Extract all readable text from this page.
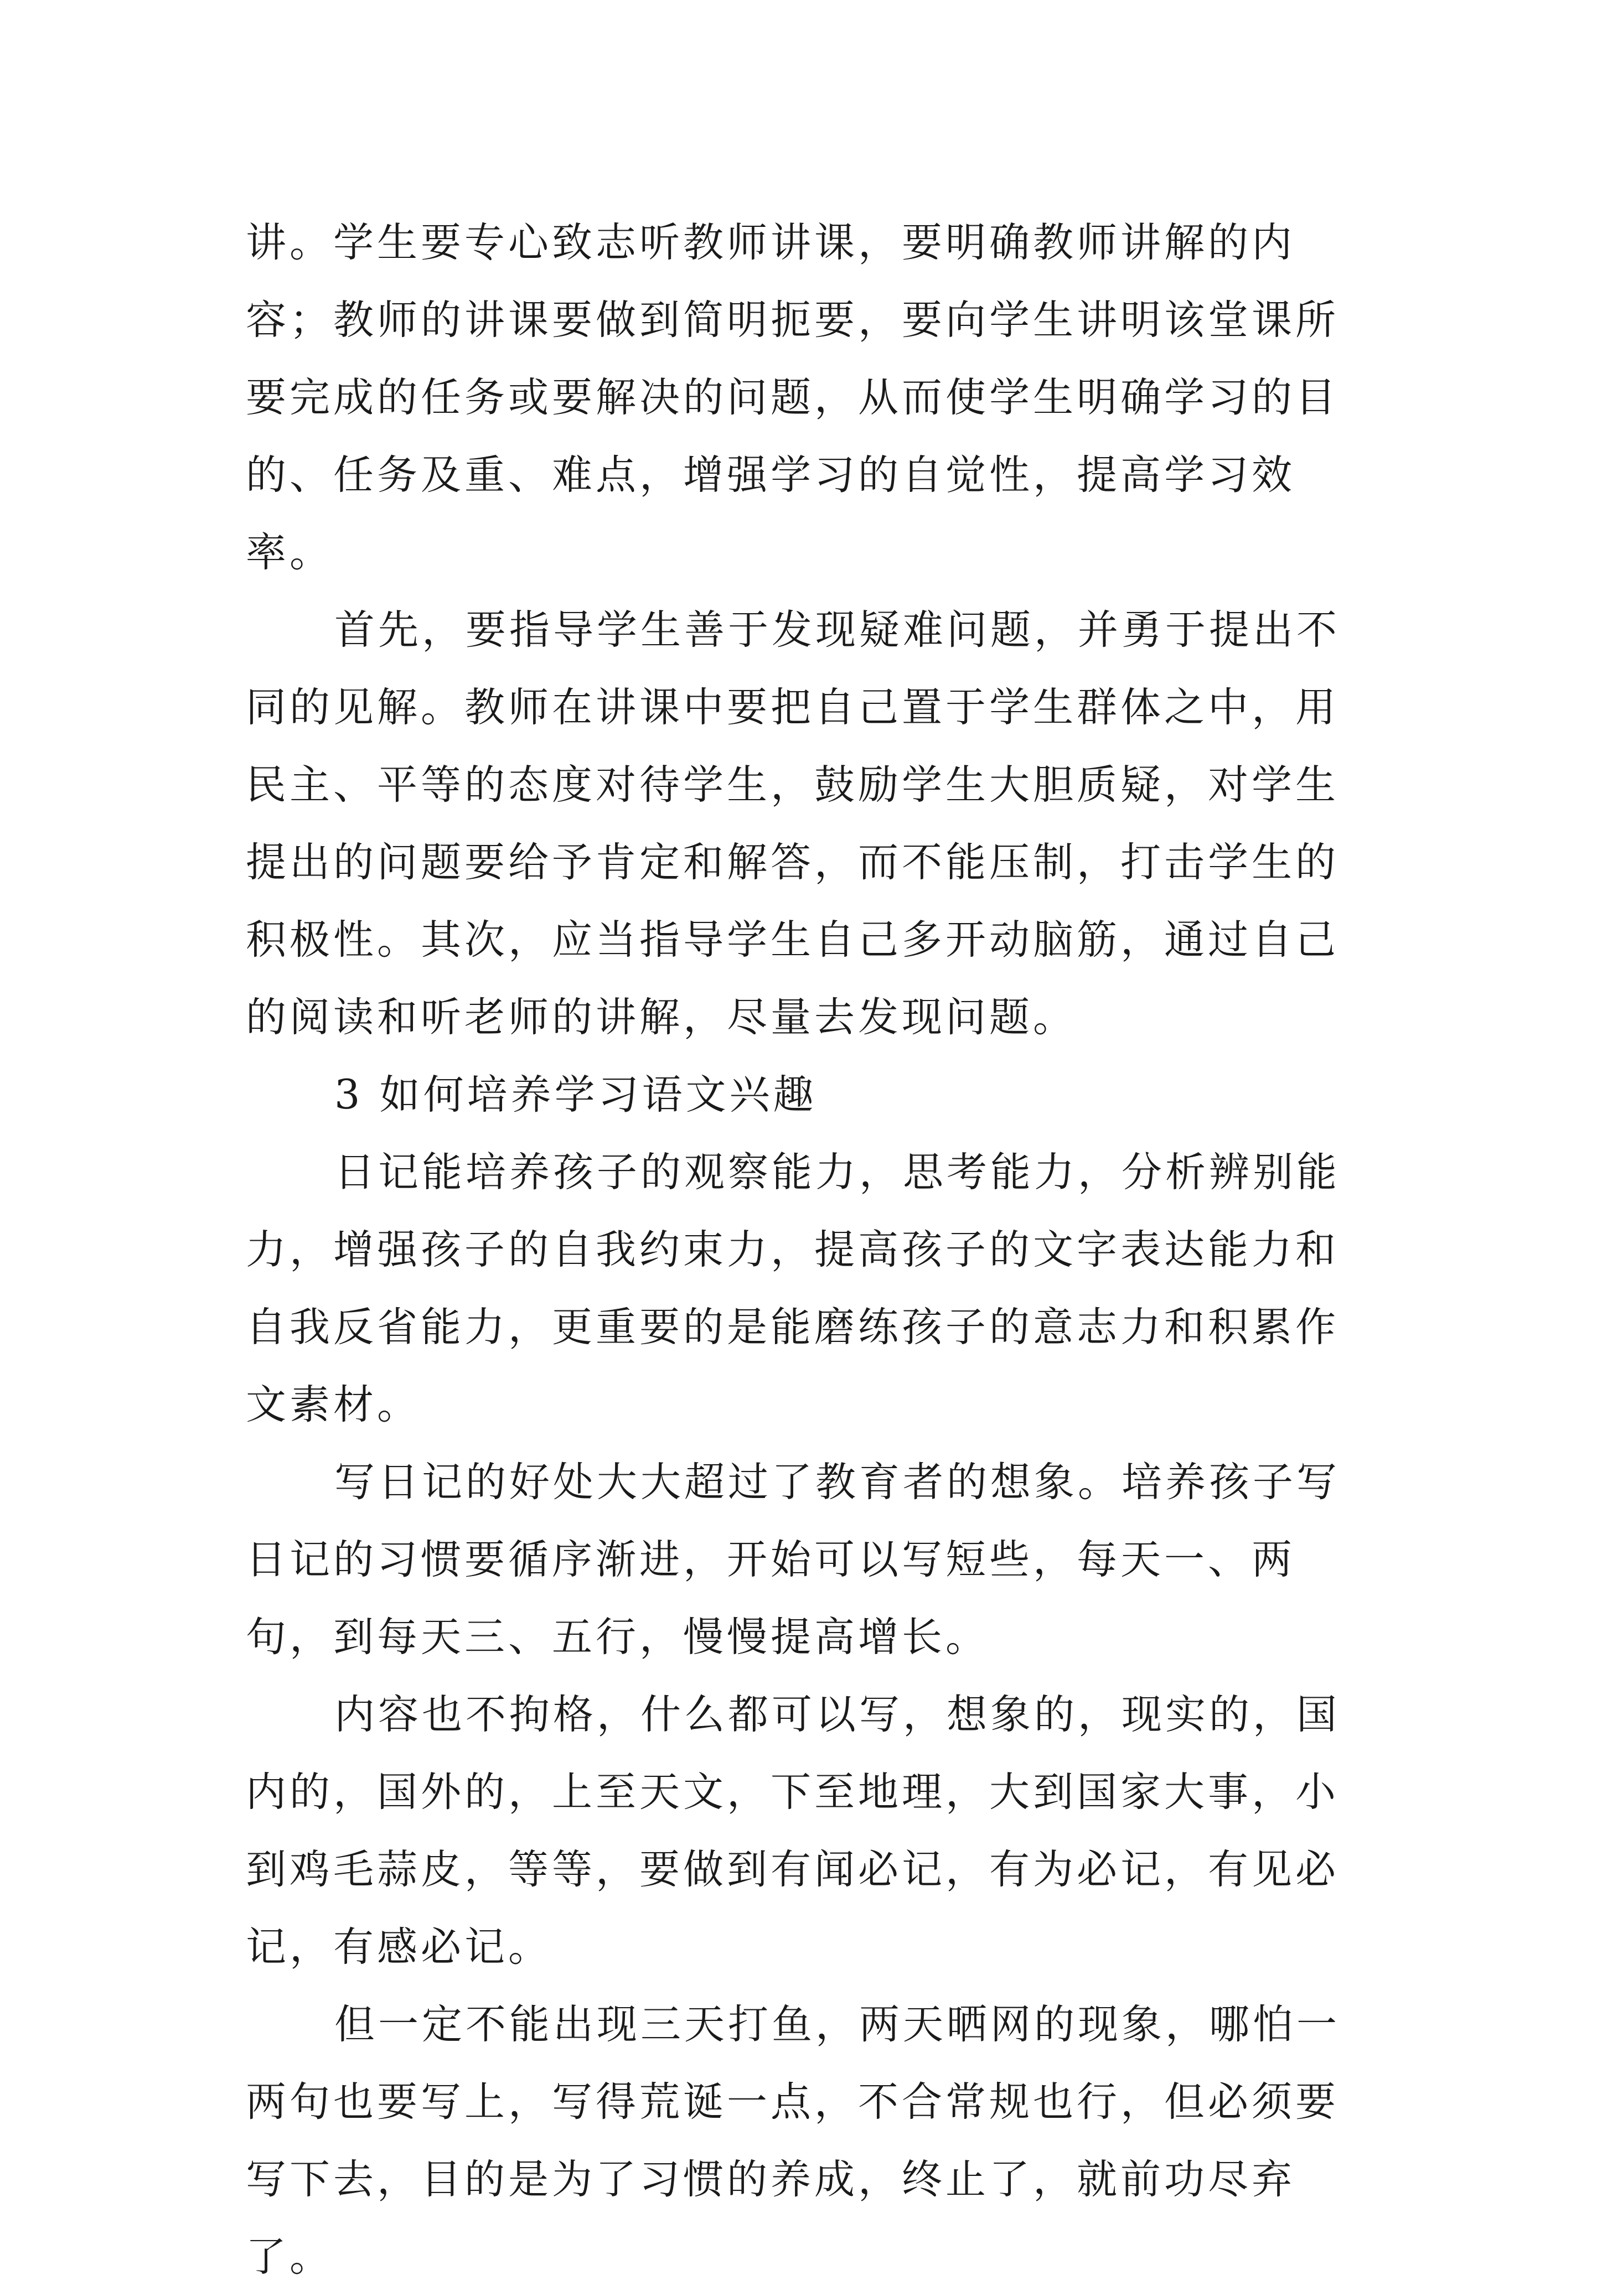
讲。学生要专心致志听教师讲课，要明确教师讲解的内容；教师的讲课要做到简明扼要，要向学生讲明该堂课所要完成的任务或要解决的问题，从而使学生明确学习的目的、任务及重、难点，增强学习的自觉性，提高学习效率。

首先，要指导学生善于发现疑难问题，并勇于提出不同的见解。教师在讲课中要把自己置于学生群体之中，用民主、平等的态度对待学生，鼓励学生大胆质疑，对学生提出的问题要给予肯定和解答，而不能压制，打击学生的积极性。其次，应当指导学生自己多开动脑筋，通过自己的阅读和听老师的讲解，尽量去发现问题。

3 如何培养学习语文兴趣

日记能培养孩子的观察能力，思考能力，分析辨别能力，增强孩子的自我约束力，提高孩子的文字表达能力和自我反省能力，更重要的是能磨练孩子的意志力和积累作文素材。

写日记的好处大大超过了教育者的想象。培养孩子写日记的习惯要循序渐进，开始可以写短些，每天一、两句，到每天三、五行，慢慢提高增长。

内容也不拘格，什么都可以写，想象的，现实的，国内的，国外的，上至天文，下至地理，大到国家大事，小到鸡毛蒜皮，等等，要做到有闻必记，有为必记，有见必记，有感必记。

但一定不能出现三天打鱼，两天晒网的现象，哪怕一两句也要写上，写得荒诞一点，不合常规也行，但必须要写下去，目的是为了习惯的养成，终止了，就前功尽弃了。
